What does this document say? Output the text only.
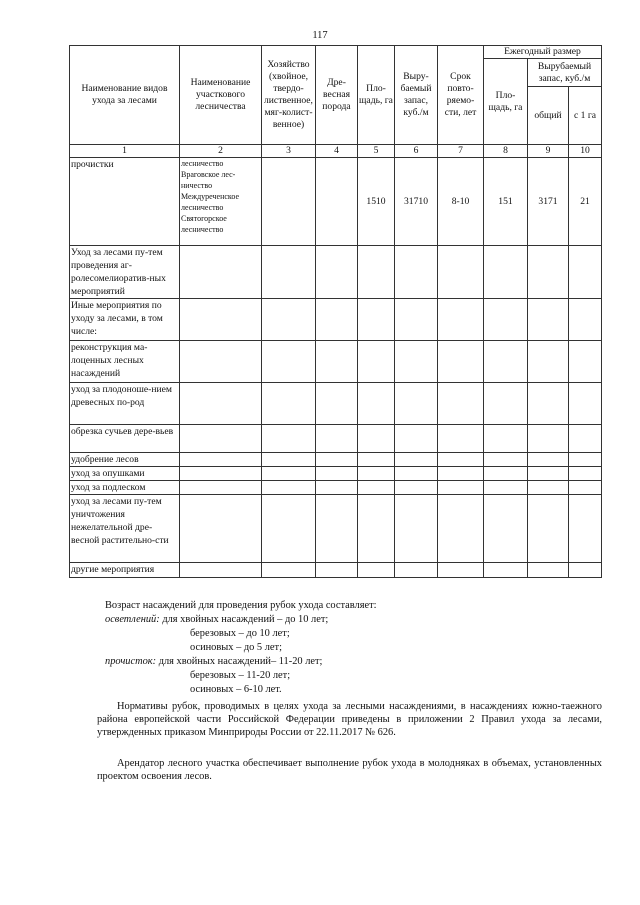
117
Наименование видов ухода за лесами	Наименование участкового лесничества	Хозяйство (хвойное, твердо-лиственное, мяг-колист-венное)	Дре-весная порода	Пло-щадь, га	Выру-баемый запас, куб./м	Срок повто-ряемо-сти, лет	Ежегодный размер		
							Пло-щадь, га	Вырубаемый запас, куб./м	
								общий	с 1 га
1	2	3	4	5	6	7	8	9	10
прочистки	лесничество Враговское лес-ничество Междуреченское лесничество Святогорское лесничество			1510	31710	8-10	151	3171	21
Уход за лесами пу-тем проведения аг-ролесомелиоратив-ных мероприятий									
Иные мероприятия по уходу за лесами, в том числе:									
реконструкция ма-лоценных лесных насаждений									
уход за плодоноше-нием древесных по-род									
обрезка сучьев дере-вьев									
удобрение лесов									
уход за опушками									
уход за подлеском									
уход за лесами пу-тем уничтожения нежелательной дре-весной растительно-сти									
другие мероприятия									
Возраст насаждений для проведения рубок ухода составляет:
осветлений: для хвойных насаждений – до 10 лет;
березовых – до 10 лет;
осиновых – до 5 лет;
прочисток: для хвойных насаждений– 11-20 лет;
березовых – 11-20 лет;
осиновых – 6-10 лет.
Нормативы рубок, проводимых в целях ухода за лесными насаждениями, в насаждениях южно-таежного района европейской части Российской Федерации приведены в приложении 2 Правил ухода за лесами, утвержденных приказом Минприроды России от 22.11.2017 № 626.
Арендатор лесного участка обеспечивает выполнение рубок ухода в молодняках в объемах, установленных проектом освоения лесов.
